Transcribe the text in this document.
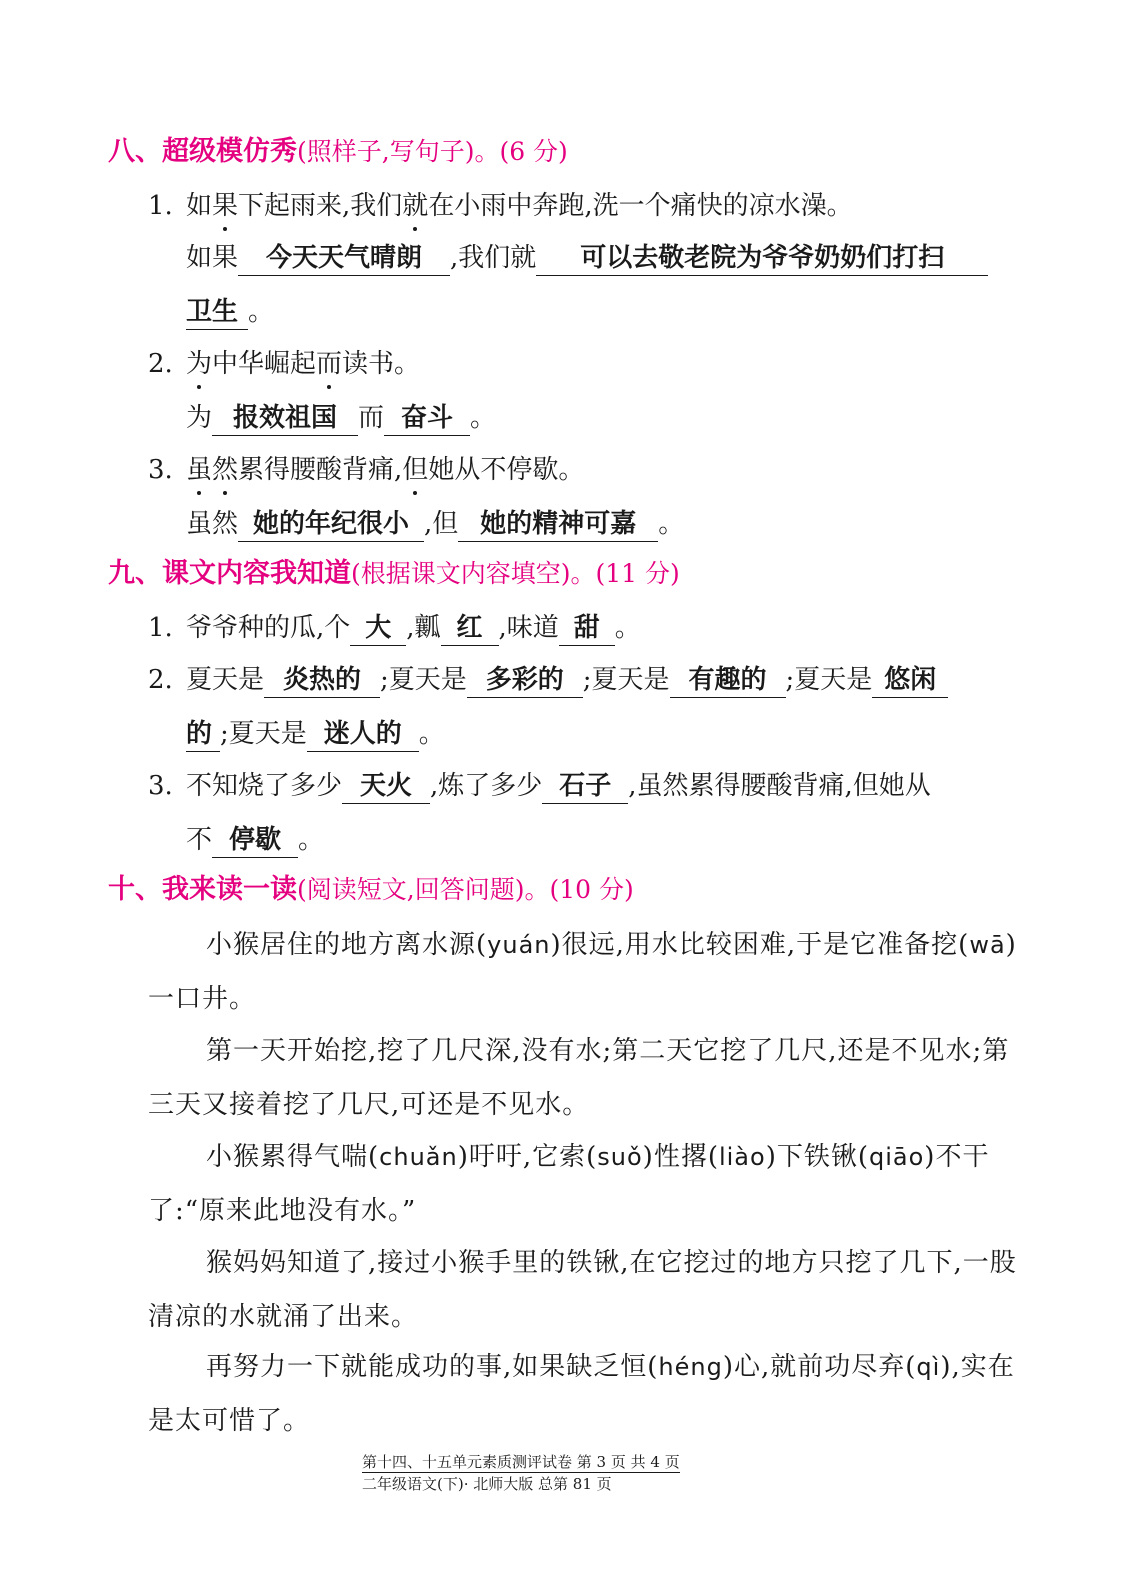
八、超级模仿秀(照样子,写句子)。(6 分)
1. 如果下起雨来,我们就在小雨中奔跑,洗一个痛快的凉水澡。
如果 今天天气晴朗 ,我们就 可以去敬老院为爷爷奶奶们打扫
卫生 。
2. 为中华崛起而读书。
为 报效祖国 而 奋斗 。
3. 虽然累得腰酸背痛,但她从不停歇。
虽然 她的年纪很小 ,但 她的精神可嘉 。
九、课文内容我知道(根据课文内容填空)。(11 分)
1. 爷爷种的瓜,个 大 ,瓤 红 ,味道 甜 。
2. 夏天是 炎热的 ;夏天是 多彩的 ;夏天是 有趣的 ;夏天是 悠闲
的 ;夏天是 迷人的 。
3. 不知烧了多少 天火 ,炼了多少 石子 ,虽然累得腰酸背痛,但她从
不 停歇 。
十、我来读一读(阅读短文,回答问题)。(10 分)
小猴居住的地方离水源(yuán)很远,用水比较困难,于是它准备挖(wā)一口井。
第一天开始挖,挖了几尺深,没有水;第二天它挖了几尺,还是不见水;第三天又接着挖了几尺,可还是不见水。
小猴累得气喘(chuǎn)吁吁,它索(suǒ)性撂(liào)下铁锹(qiāo)不干了:“原来此地没有水。”
猴妈妈知道了,接过小猴手里的铁锹,在它挖过的地方只挖了几下,一股清凉的水就涌了出来。
再努力一下就能成功的事,如果缺乏恒(héng)心,就前功尽弃(qì),实在是太可惜了。
第十四、十五单元素质测评试卷 第 3 页 共 4 页
二年级语文(下)· 北师大版 总第 81 页
